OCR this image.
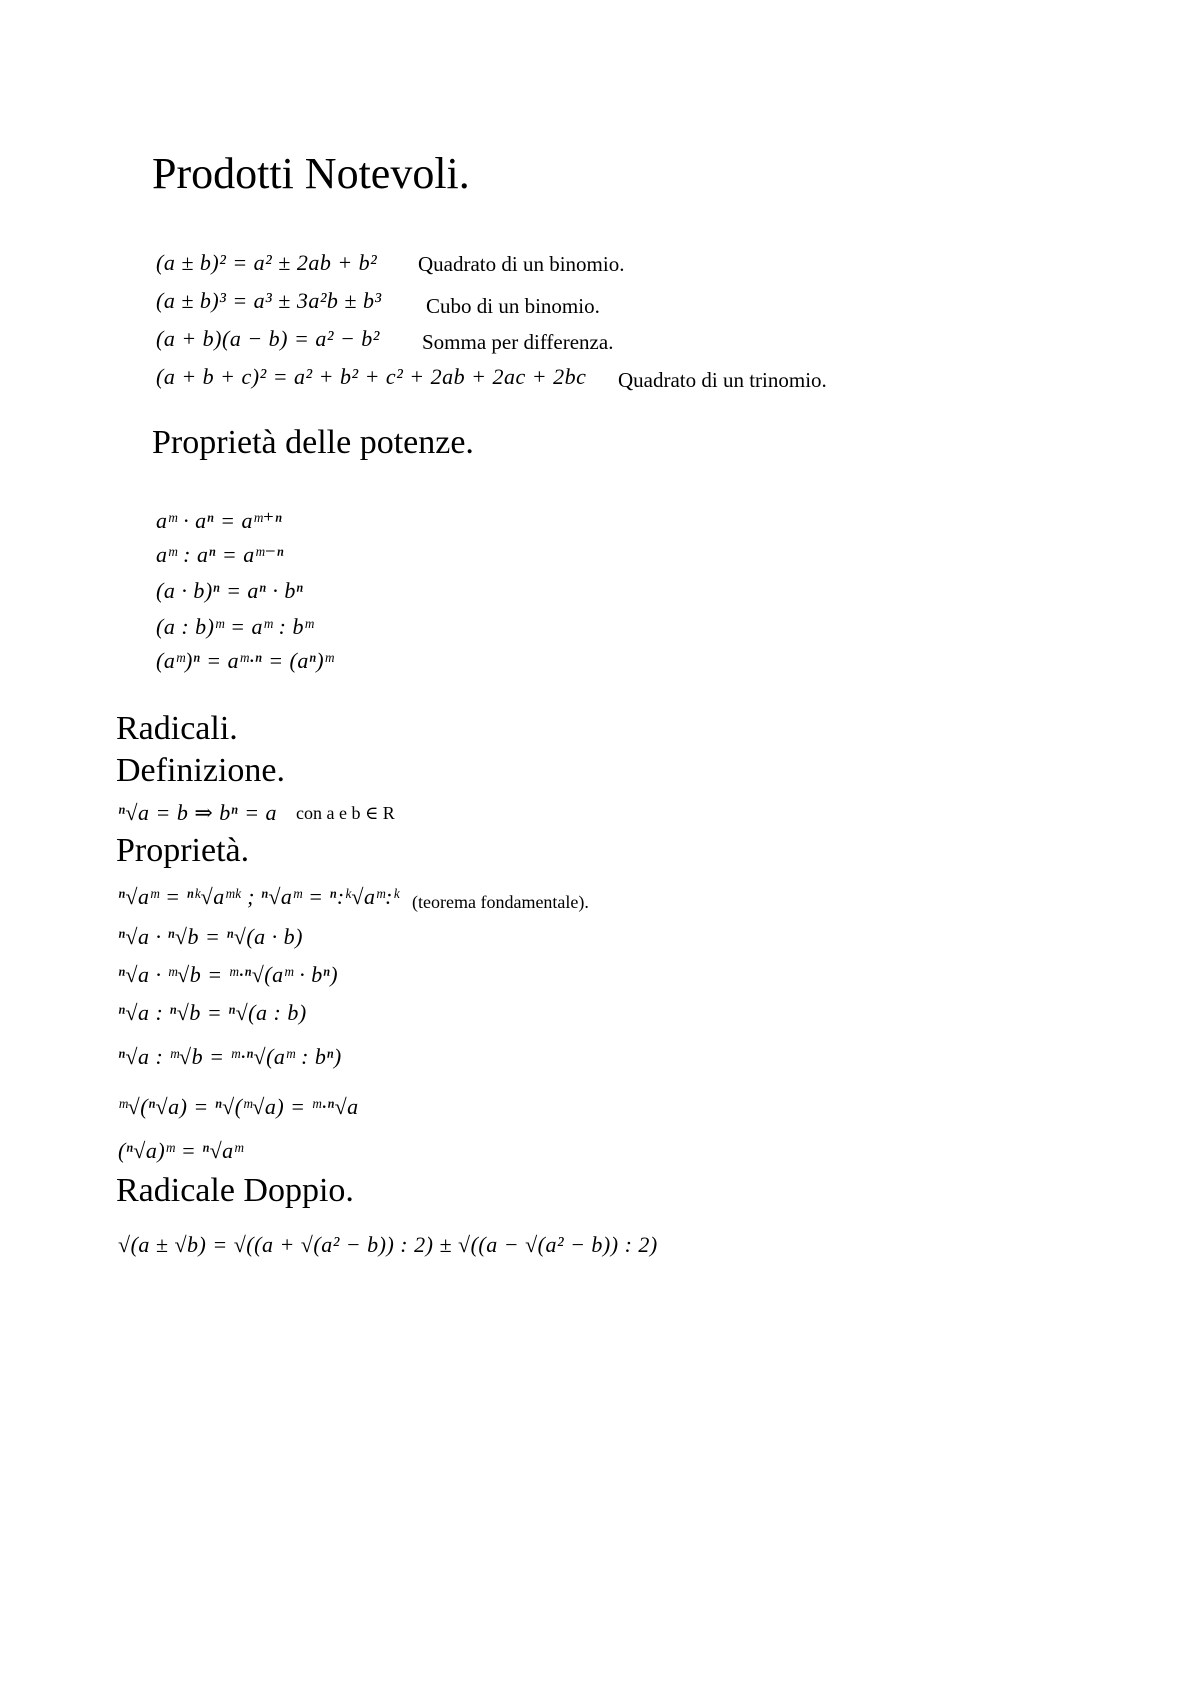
Prodotti Notevoli.
(a ± b)² = a² ± 2ab + b² Quadrato di un binomio.
(a ± b)³ = a³ ± 3a²b ± b³ Cubo di un binomio.
(a + b)(a − b) = a² − b² Somma per differenza.
(a + b + c)² = a² + b² + c² + 2ab + 2ac + 2bc Quadrato di un trinomio.
Proprietà delle potenze.
aᵐ · aⁿ = aᵐ⁺ⁿ
aᵐ : aⁿ = aᵐ⁻ⁿ
(a · b)ⁿ = aⁿ · bⁿ
(a : b)ᵐ = aᵐ : bᵐ
(aᵐ)ⁿ = aᵐ·ⁿ = (aⁿ)ᵐ
Radicali.
Definizione.
ⁿ√a = b ⇒ bⁿ = a con a e b ∈ R
Proprietà.
ⁿ√aᵐ = ⁿᵏ√aᵐᵏ ; ⁿ√aᵐ = ⁿ:ᵏ√aᵐ:ᵏ (teorema fondamentale).
ⁿ√a · ⁿ√b = ⁿ√(a · b)
ⁿ√a · ᵐ√b = ᵐ·ⁿ√(aᵐ · bⁿ)
ⁿ√a : ⁿ√b = ⁿ√(a : b)
ⁿ√a : ᵐ√b = ᵐ·ⁿ√(aᵐ : bⁿ)
ᵐ√(ⁿ√a) = ⁿ√(ᵐ√a) = ᵐ·ⁿ√a
(ⁿ√a)ᵐ = ⁿ√aᵐ
Radicale Doppio.
√(a ± √b) = √((a + √(a² − b)) : 2) ± √((a − √(a² − b)) : 2)
